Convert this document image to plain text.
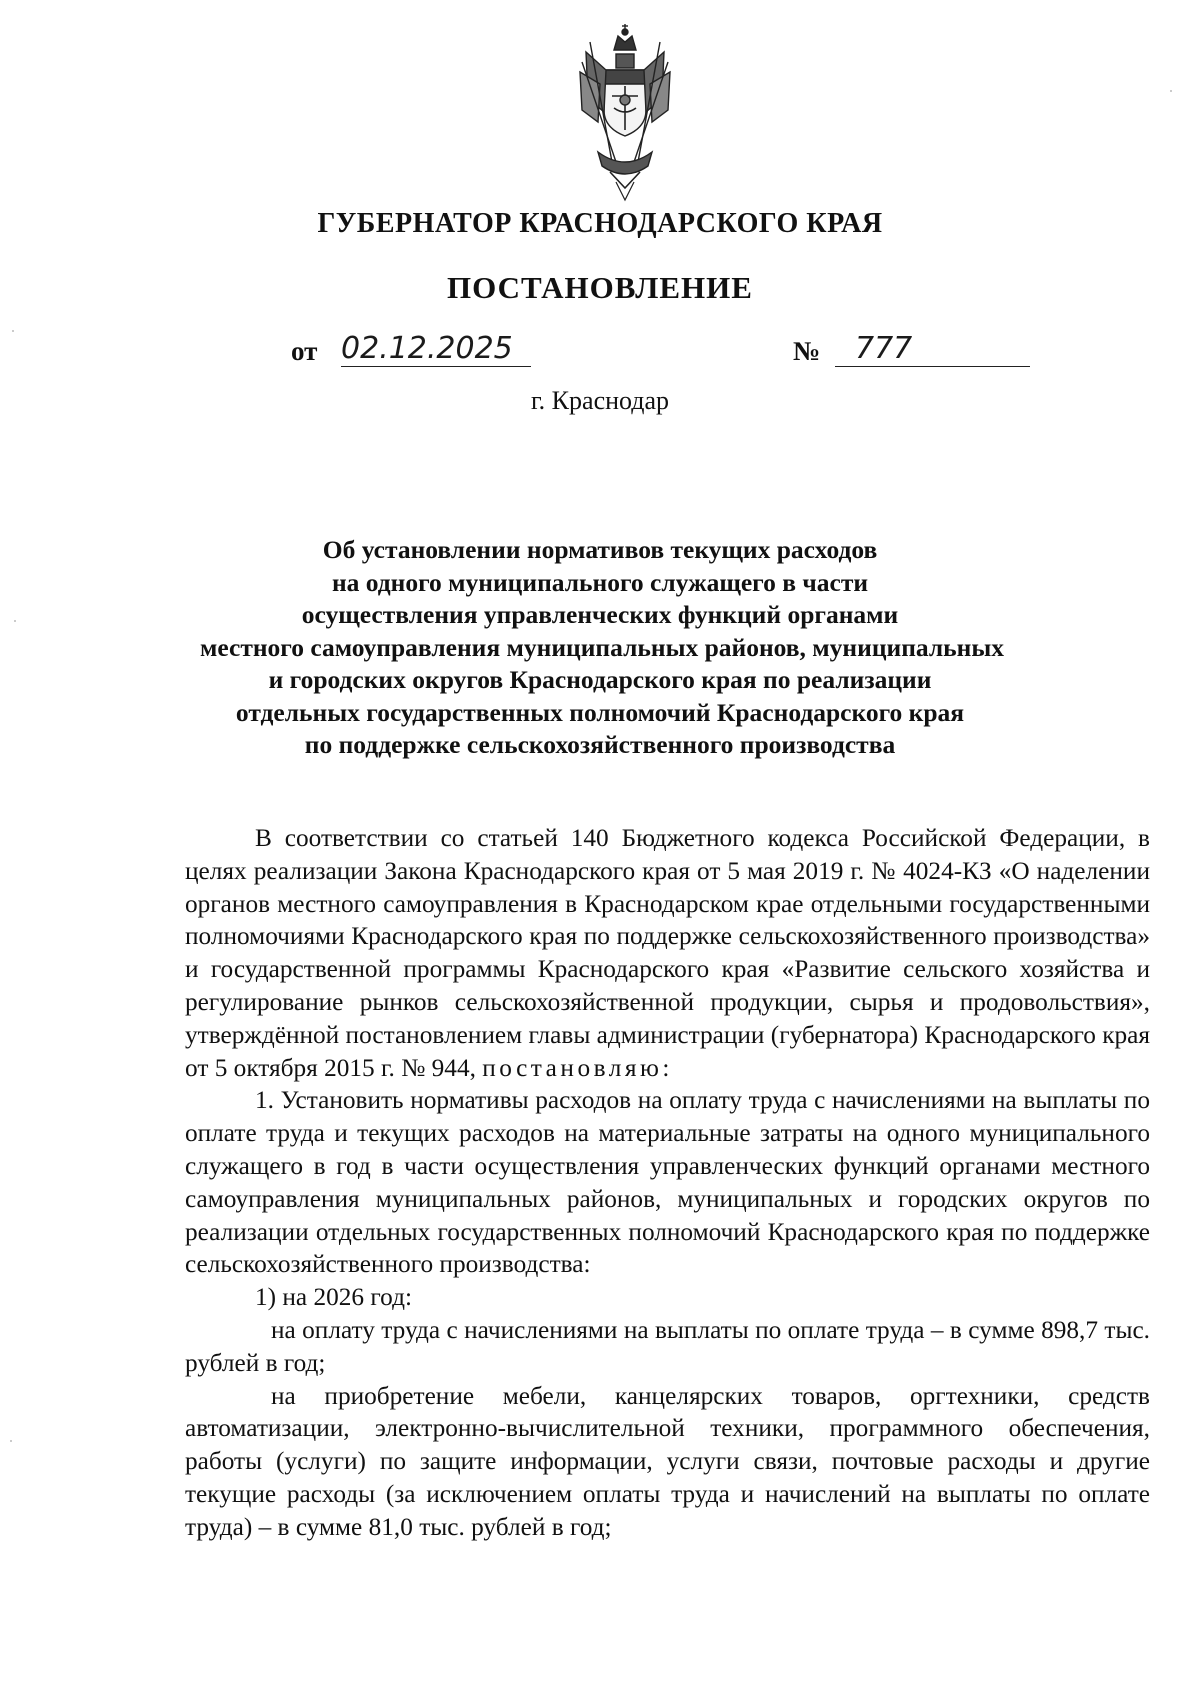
ГУБЕРНАТОР КРАСНОДАРСКОГО КРАЯ
ПОСТАНОВЛЕНИЕ
от 02.12.2025	№	777
г. Краснодар
Об установлении нормативов текущих расходов
на одного муниципального служащего в части
осуществления управленческих функций органами
местного самоуправления муниципальных районов, муниципальных
и городских округов Краснодарского края по реализации
отдельных государственных полномочий Краснодарского края
по поддержке сельскохозяйственного производства

В соответствии со статьей 140 Бюджетного кодекса Российской Федерации, в целях реализации Закона Краснодарского края от 5 мая 2019 г. № 4024-КЗ «О наделении органов местного самоуправления в Краснодарском крае отдельными государственными полномочиями Краснодарского края по поддержке сельскохозяйственного производства» и государственной программы Краснодарского края «Развитие сельского хозяйства и регулирование рынков сельскохозяйственной продукции, сырья и продовольствия», утверждённой постановлением главы администрации (губернатора) Краснодарского края от 5 октября 2015 г. № 944, постановляю:

1. Установить нормативы расходов на оплату труда с начислениями на выплаты по оплате труда и текущих расходов на материальные затраты на одного муниципального служащего в год в части осуществления управленческих функций органами местного самоуправления муниципальных районов, муниципальных и городских округов по реализации отдельных государственных полномочий Краснодарского края по поддержке сельскохозяйственного производства:

1) на 2026 год:

на оплату труда с начислениями на выплаты по оплате труда – в сумме 898,7 тыс. рублей в год;

на приобретение мебели, канцелярских товаров, оргтехники, средств автоматизации, электронно-вычислительной техники, программного обеспечения, работы (услуги) по защите информации, услуги связи, почтовые расходы и другие текущие расходы (за исключением оплаты труда и начислений на выплаты по оплате труда) – в сумме 81,0 тыс. рублей в год;
